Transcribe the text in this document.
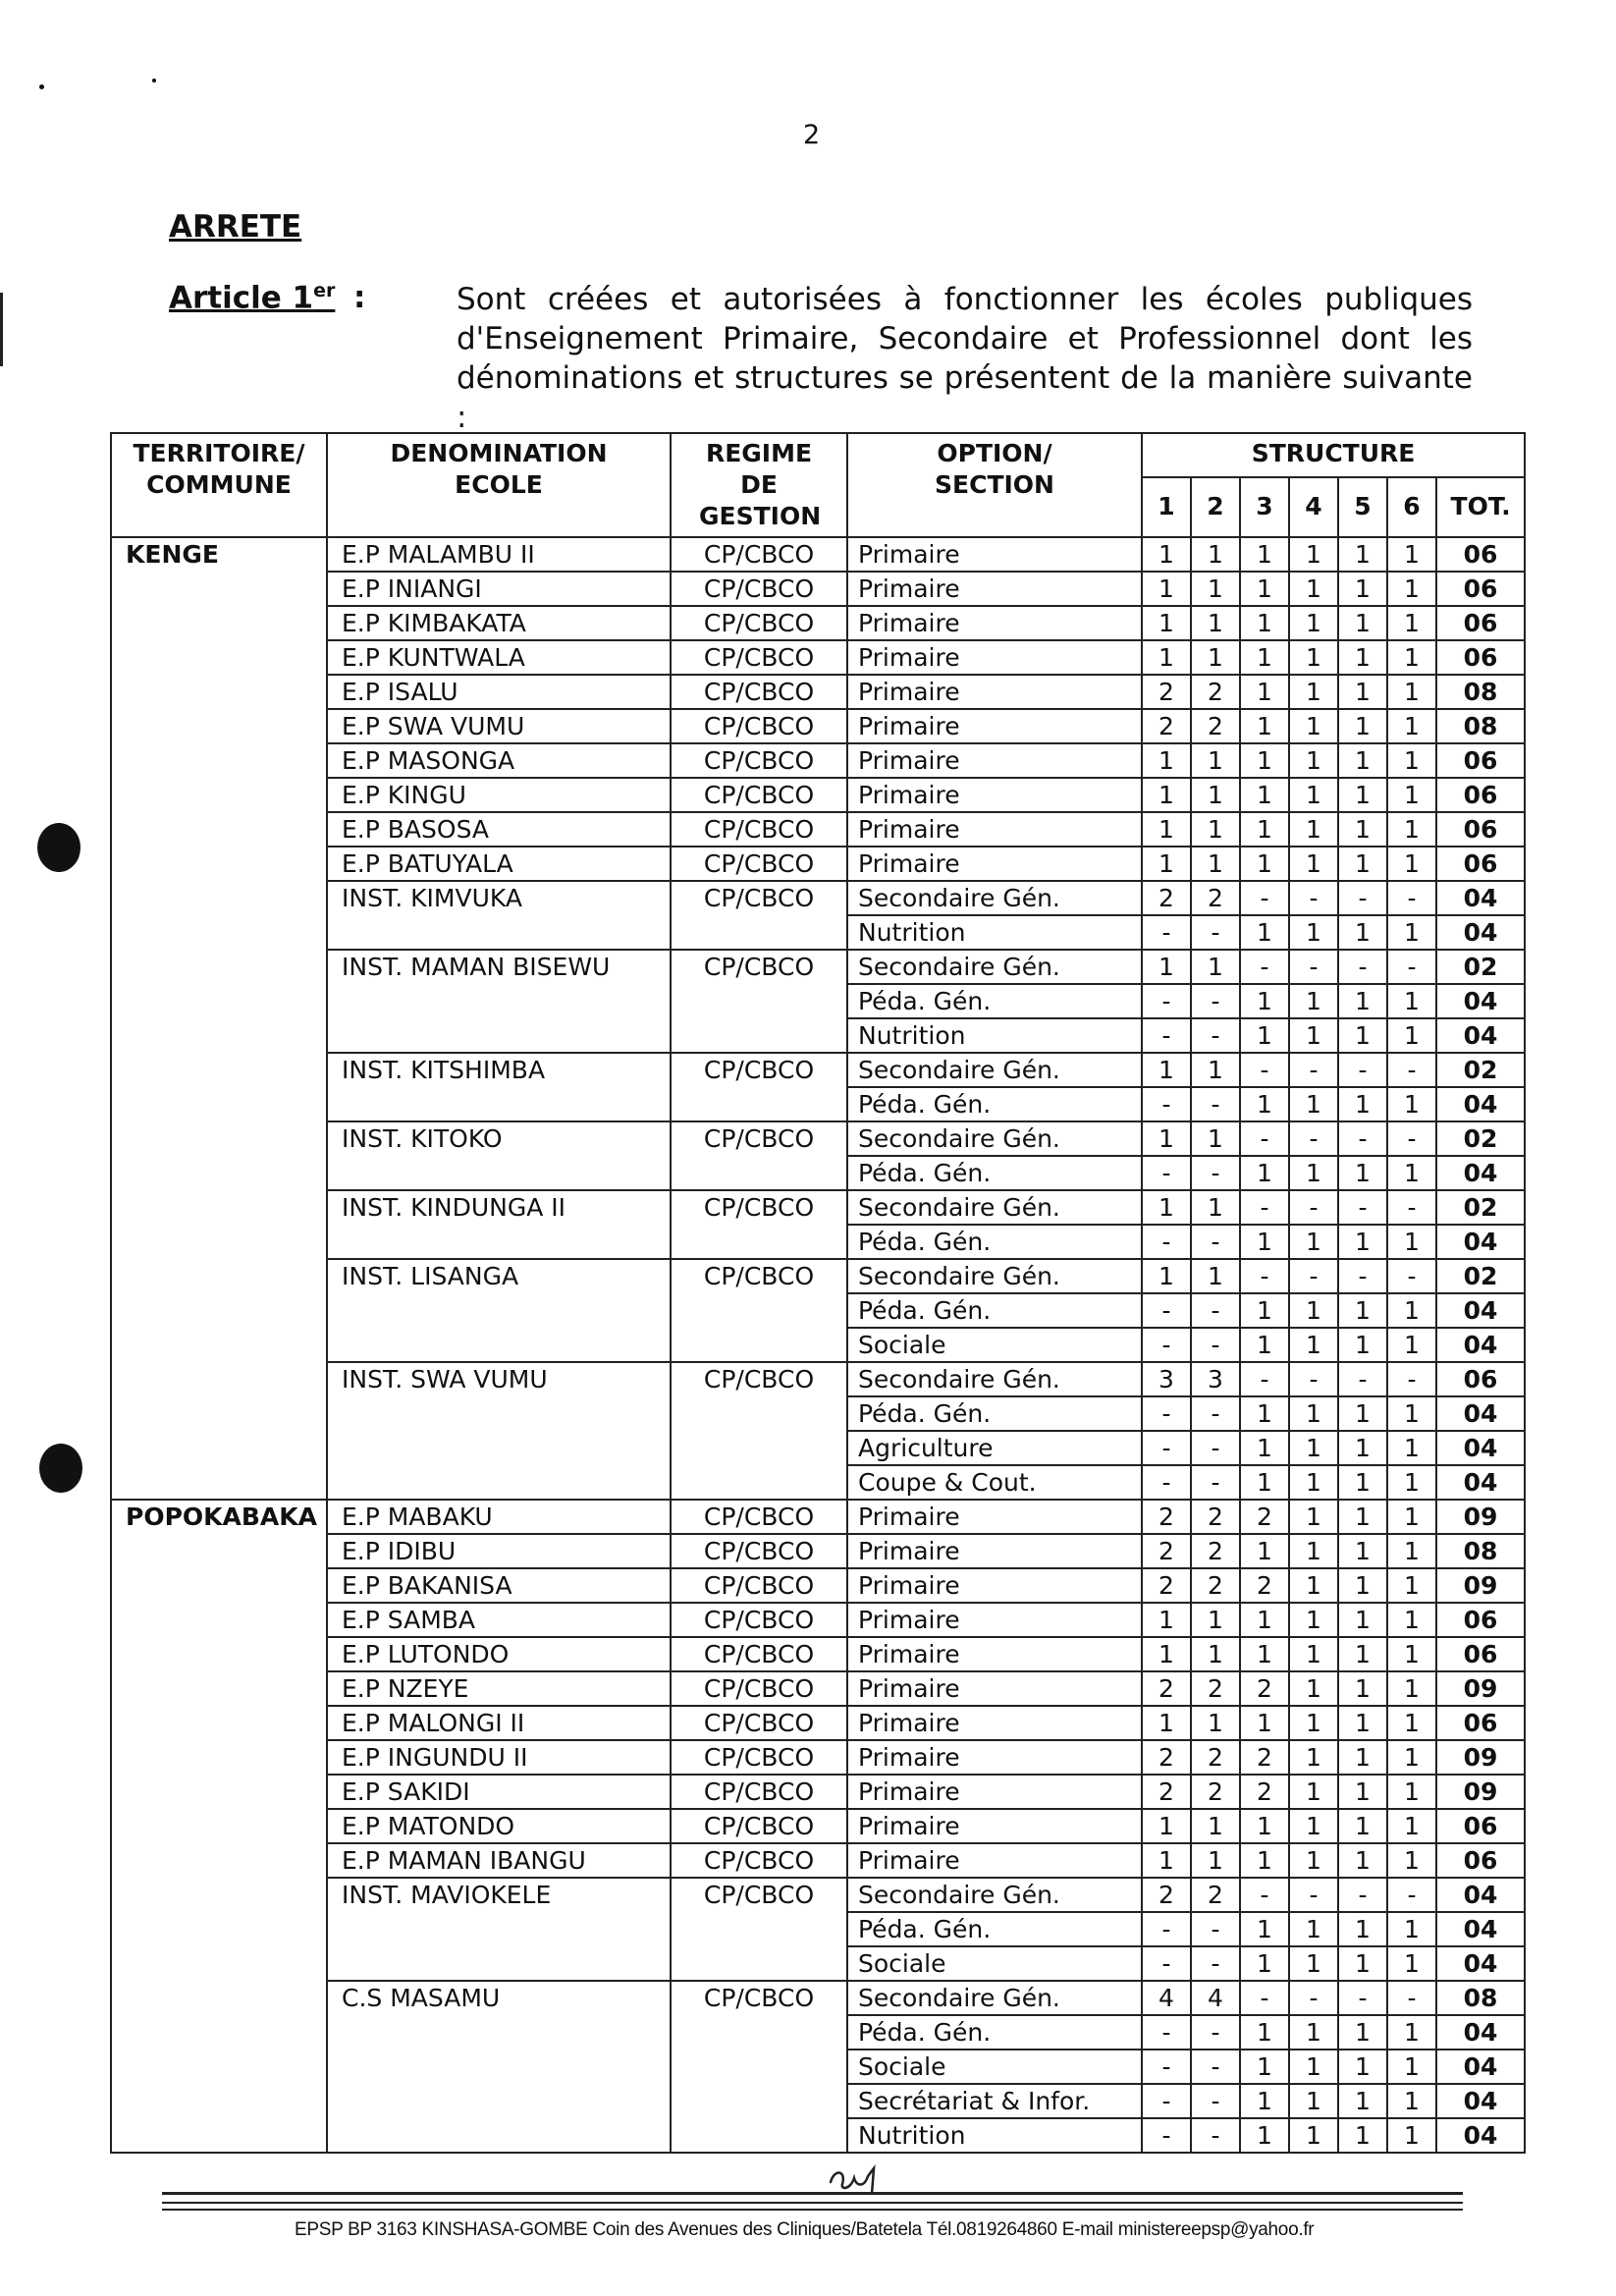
2
ARRETE
Article 1er :	Sont créées et autorisées à fonctionner les écoles publiques
d'Enseignement Primaire, Secondaire et Professionnel dont les
dénominations et structures se présentent de la manière suivante :
TERRITOIRE/ COMMUNE	DENOMINATION ECOLE	REGIME DE GESTION	OPTION/ SECTION	STRUCTURE						
				1	2	3	4	5	6	TOT.
KENGE	E.P MALAMBU II	CP/CBCO	Primaire	1	1	1	1	1	1	06
	E.P INIANGI	CP/CBCO	Primaire	1	1	1	1	1	1	06
	E.P KIMBAKATA	CP/CBCO	Primaire	1	1	1	1	1	1	06
	E.P KUNTWALA	CP/CBCO	Primaire	1	1	1	1	1	1	06
	E.P ISALU	CP/CBCO	Primaire	2	2	1	1	1	1	08
	E.P SWA VUMU	CP/CBCO	Primaire	2	2	1	1	1	1	08
	E.P MASONGA	CP/CBCO	Primaire	1	1	1	1	1	1	06
	E.P KINGU	CP/CBCO	Primaire	1	1	1	1	1	1	06
	E.P BASOSA	CP/CBCO	Primaire	1	1	1	1	1	1	06
	E.P BATUYALA	CP/CBCO	Primaire	1	1	1	1	1	1	06
	INST. KIMVUKA	CP/CBCO	Secondaire Gén.	2	2	-	-	-	-	04
			Nutrition	-	-	1	1	1	1	04
	INST. MAMAN BISEWU	CP/CBCO	Secondaire Gén.	1	1	-	-	-	-	02
			Péda. Gén.	-	-	1	1	1	1	04
			Nutrition	-	-	1	1	1	1	04
	INST. KITSHIMBA	CP/CBCO	Secondaire Gén.	1	1	-	-	-	-	02
			Péda. Gén.	-	-	1	1	1	1	04
	INST. KITOKO	CP/CBCO	Secondaire Gén.	1	1	-	-	-	-	02
			Péda. Gén.	-	-	1	1	1	1	04
	INST. KINDUNGA II	CP/CBCO	Secondaire Gén.	1	1	-	-	-	-	02
			Péda. Gén.	-	-	1	1	1	1	04
	INST. LISANGA	CP/CBCO	Secondaire Gén.	1	1	-	-	-	-	02
			Péda. Gén.	-	-	1	1	1	1	04
			Sociale	-	-	1	1	1	1	04
	INST. SWA VUMU	CP/CBCO	Secondaire Gén.	3	3	-	-	-	-	06
			Péda. Gén.	-	-	1	1	1	1	04
			Agriculture	-	-	1	1	1	1	04
			Coupe & Cout.	-	-	1	1	1	1	04
POPOKABAKA	E.P MABAKU	CP/CBCO	Primaire	2	2	2	1	1	1	09
	E.P IDIBU	CP/CBCO	Primaire	2	2	1	1	1	1	08
	E.P BAKANISA	CP/CBCO	Primaire	2	2	2	1	1	1	09
	E.P SAMBA	CP/CBCO	Primaire	1	1	1	1	1	1	06
	E.P LUTONDO	CP/CBCO	Primaire	1	1	1	1	1	1	06
	E.P NZEYE	CP/CBCO	Primaire	2	2	2	1	1	1	09
	E.P MALONGI II	CP/CBCO	Primaire	1	1	1	1	1	1	06
	E.P INGUNDU II	CP/CBCO	Primaire	2	2	2	1	1	1	09
	E.P SAKIDI	CP/CBCO	Primaire	2	2	2	1	1	1	09
	E.P MATONDO	CP/CBCO	Primaire	1	1	1	1	1	1	06
	E.P MAMAN IBANGU	CP/CBCO	Primaire	1	1	1	1	1	1	06
	INST. MAVIOKELE	CP/CBCO	Secondaire Gén.	2	2	-	-	-	-	04
			Péda. Gén.	-	-	1	1	1	1	04
			Sociale	-	-	1	1	1	1	04
	C.S MASAMU	CP/CBCO	Secondaire Gén.	4	4	-	-	-	-	08
			Péda. Gén.	-	-	1	1	1	1	04
			Sociale	-	-	1	1	1	1	04
			Secrétariat & Infor.	-	-	1	1	1	1	04
			Nutrition	-	-	1	1	1	1	04
EPSP BP 3163 KINSHASA-GOMBE Coin des Avenues des Cliniques/Batetela Tél.0819264860 E-mail ministereepsp@yahoo.fr
